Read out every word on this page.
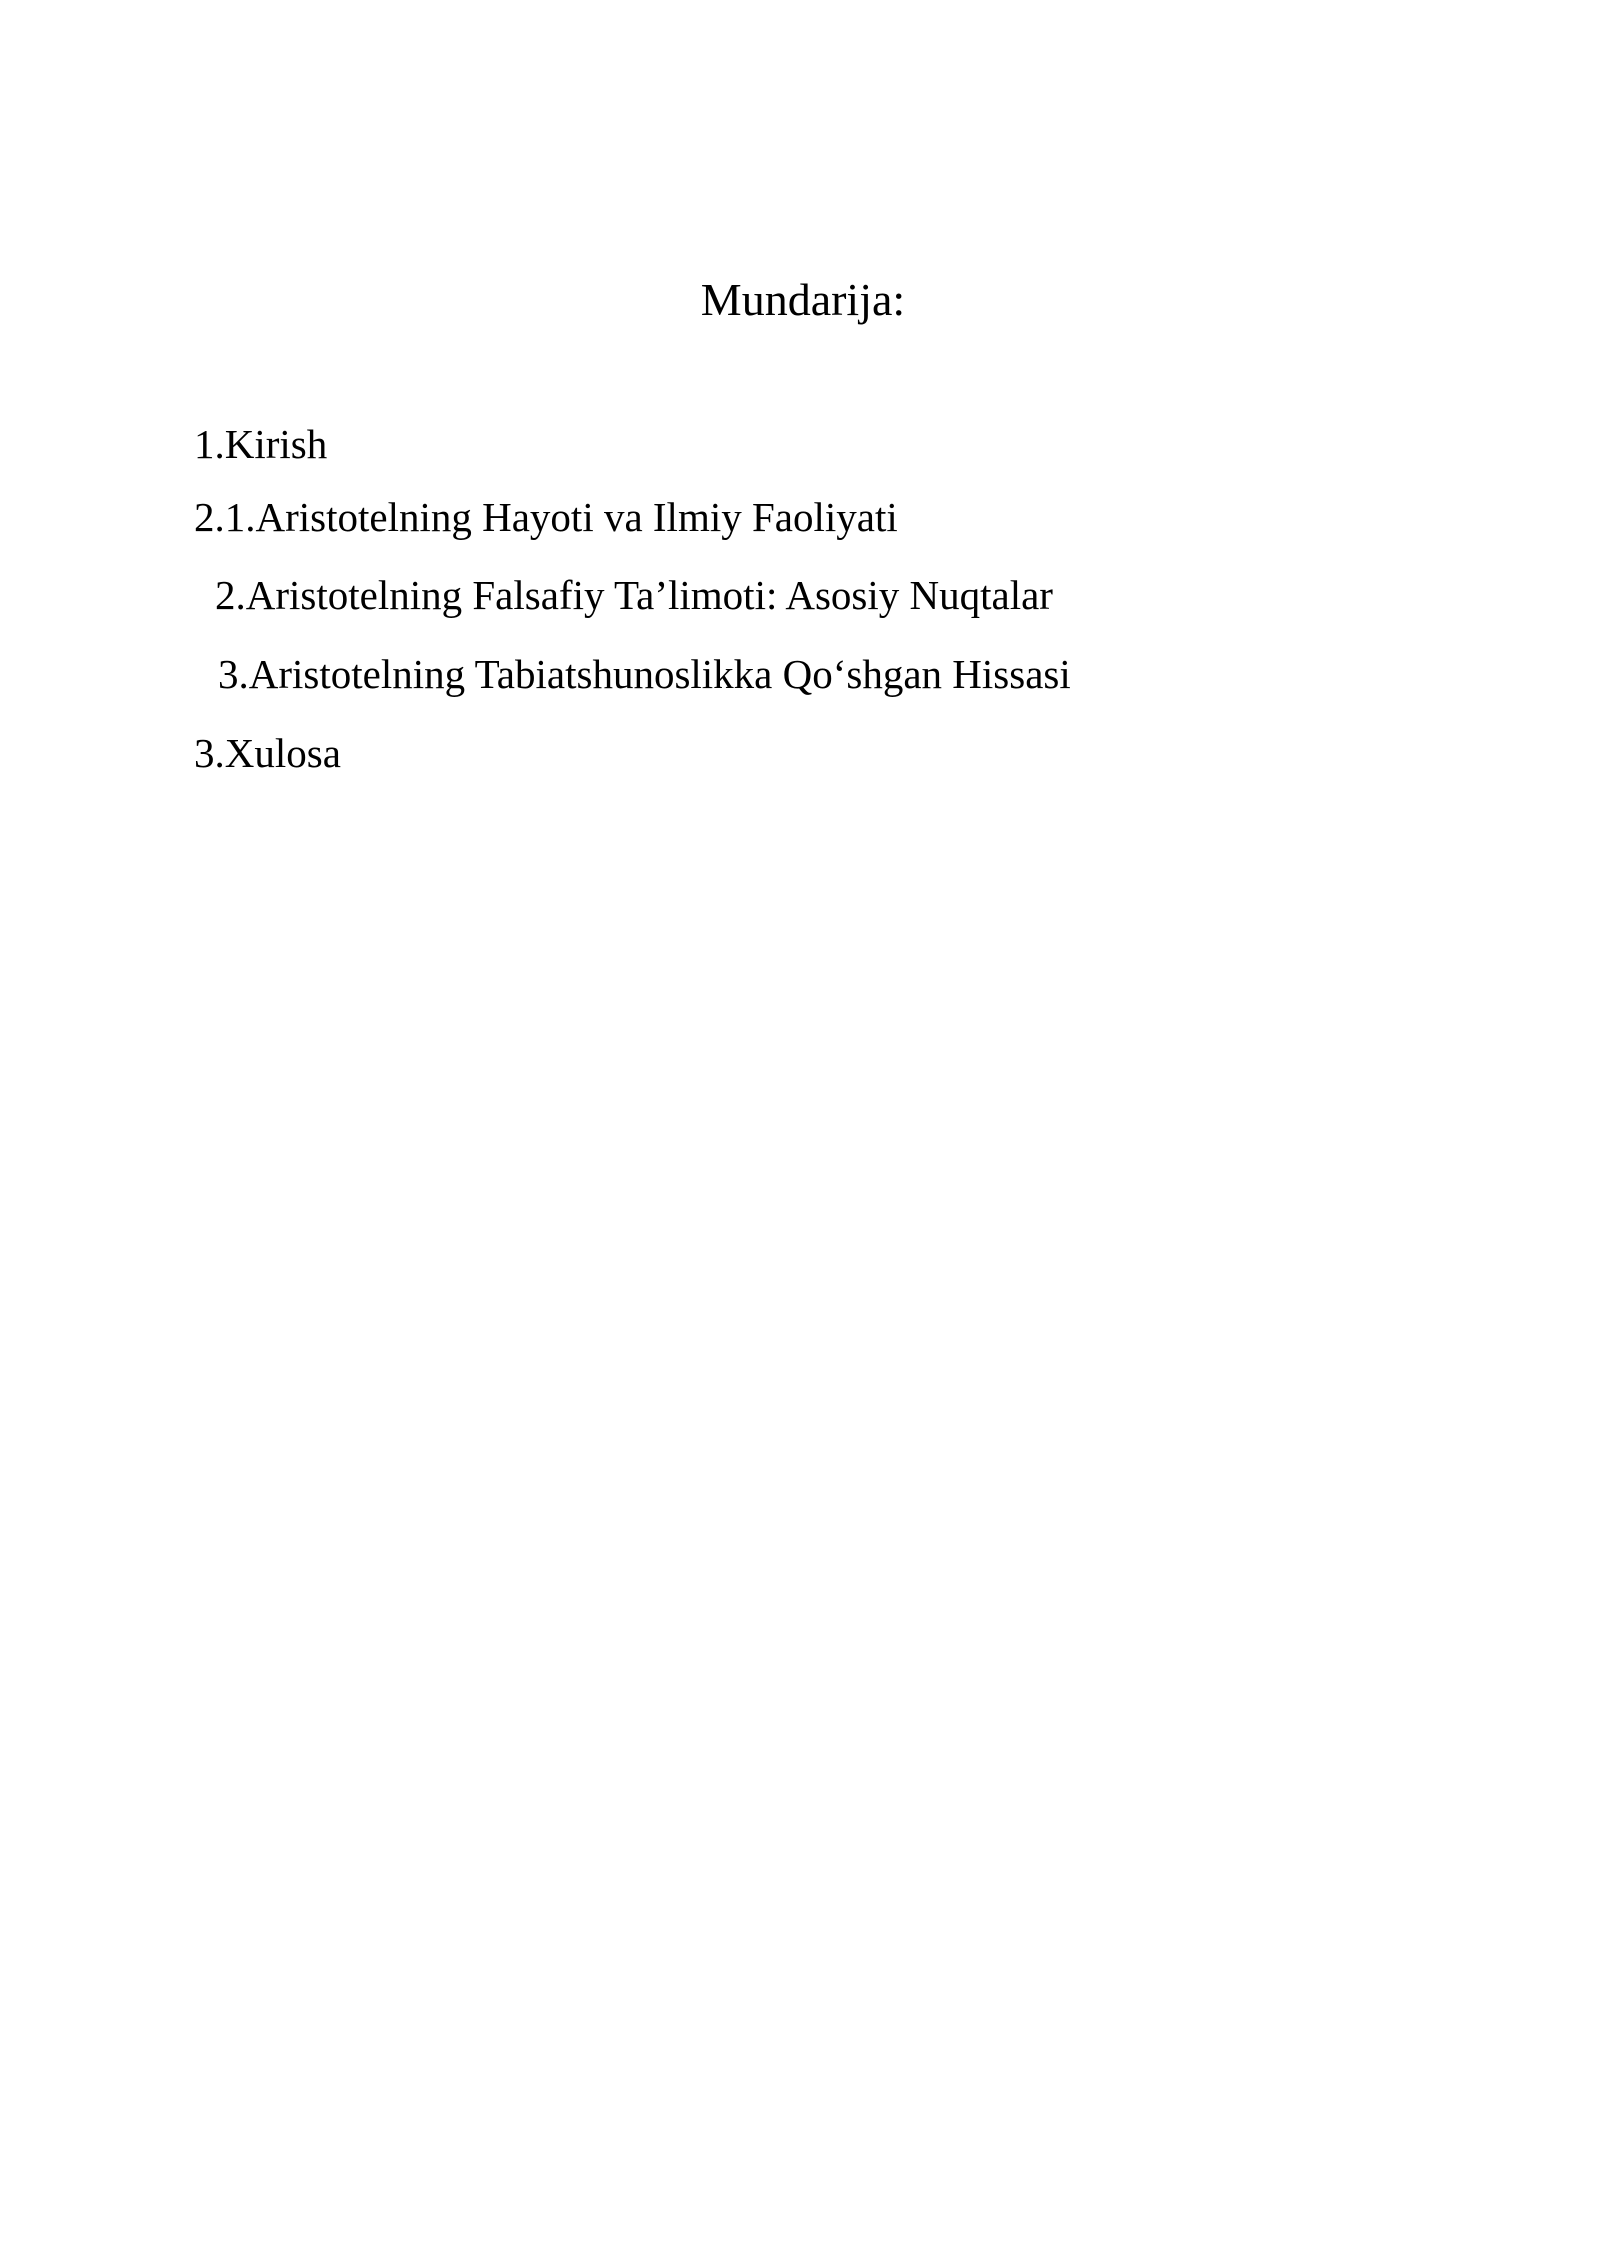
Mundarija:
1.Kirish
2.1.Aristotelning Hayoti va Ilmiy Faoliyati
2.Aristotelning Falsafiy Ta’limoti: Asosiy Nuqtalar
3.Aristotelning Tabiatshunoslikka Qo‘shgan Hissasi
3.Xulosa
